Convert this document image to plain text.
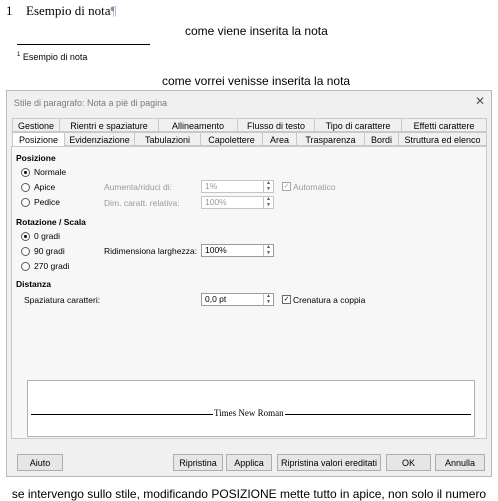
1 Esempio di nota¶
come viene inserita la nota
$^1$ Esempio di nota
come vorrei venisse inserita la nota
Stile di paragrafo: Nota a piè di pagina	✕
Gestione	Rientri e spaziature	Allineamento	Flusso di testo	Tipo di carattere	Effetti carattere
Posizione	Evidenziazione	Tabulazioni	Capolettere	Area	Trasparenza	Bordi	Struttura ed elenco
Posizione
Normale
Apice
Pedice
Aumenta/riduci di:	1%	▲
▼ ✓ Automatico
Dim. caratt. relativa:	100%	▲
▼
Rotazione / Scala
0 gradi
90 gradi
270 gradi
Ridimensiona larghezza: 100%	▲
▼
Distanza
Spaziatura caratteri:	0,0 pt	▲
▼ ✓ Crenatura a coppia
Times New Roman
Aiuto	Ripristina	Applica	Ripristina valori ereditati	OK	Annulla
se intervengo sullo stile, modificando POSIZIONE mette tutto in apice, non solo il numero
